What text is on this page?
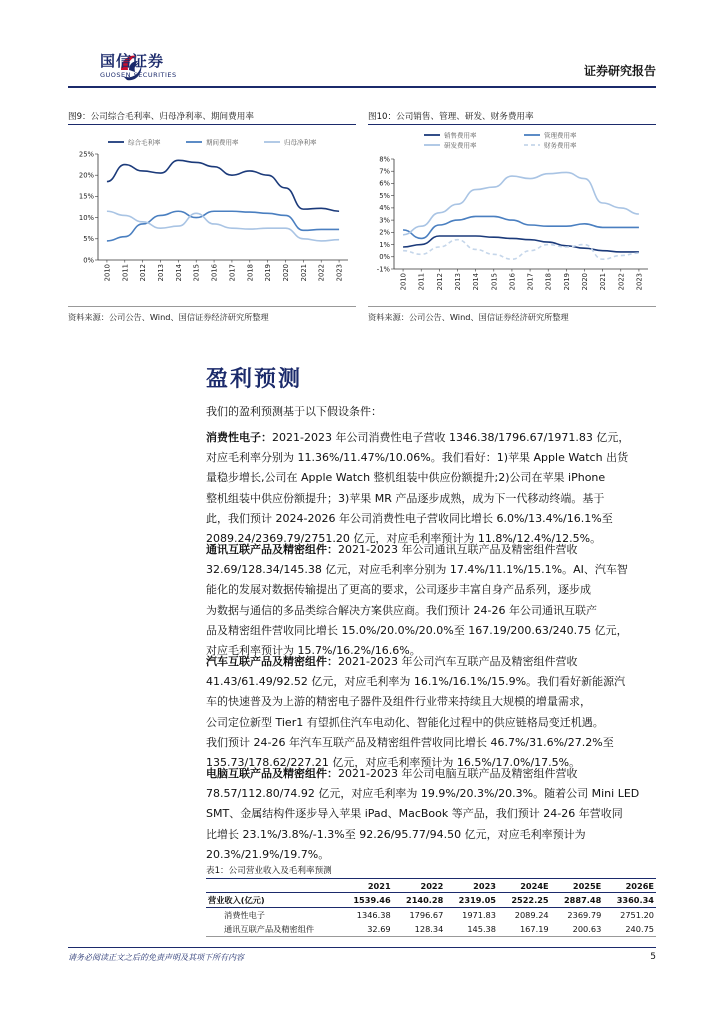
国信证券
GUOSEN SECURITIES	证券研究报告
图9：公司综合毛利率、归母净利率、期间费用率
0%
5%
10%
15%
20%
25%
2010 2011 2012 2013 2014 2015 2016 2017 2018 2019 2020 2021 2022 2023
综合毛利率	期间费用率	归母净利率
资料来源：公司公告、Wind、国信证券经济研究所整理
图10：公司销售、管理、研发、财务费用率
-1%
0%
1%
2%
3%
4%
5%
6%
7%
8%
2010 2011 2012 2013 2014 2015 2016 2017 2018 2019 2020 2021 2022 2023
销售费用率	管理费用率
研发费用率	财务费用率
资料来源：公司公告、Wind、国信证券经济研究所整理
盈利预测
我们的盈利预测基于以下假设条件：
消费性电子：2021-2023 年公司消费性电子营收 1346.38/1796.67/1971.83 亿元，
对应毛利率分别为 11.36%/11.47%/10.06%。我们看好：1)苹果 Apple Watch 出货
量稳步增长,公司在 Apple Watch 整机组装中供应份额提升;2)公司在苹果 iPhone
整机组装中供应份额提升；3)苹果 MR 产品逐步成熟，成为下一代移动终端。基于
此，我们预计 2024-2026 年公司消费性电子营收同比增长 6.0%/13.4%/16.1%至
2089.24/2369.79/2751.20 亿元，对应毛利率预计为 11.8%/12.4%/12.5%。
通讯互联产品及精密组件：2021-2023 年公司通讯互联产品及精密组件营收
32.69/128.34/145.38 亿元，对应毛利率分别为 17.4%/11.1%/15.1%。AI、汽车智
能化的发展对数据传输提出了更高的要求，公司逐步丰富自身产品系列，逐步成
为数据与通信的多品类综合解决方案供应商。我们预计 24-26 年公司通讯互联产
品及精密组件营收同比增长 15.0%/20.0%/20.0%至 167.19/200.63/240.75 亿元，
对应毛利率预计为 15.7%/16.2%/16.6%。
汽车互联产品及精密组件：2021-2023 年公司汽车互联产品及精密组件营收
41.43/61.49/92.52 亿元，对应毛利率为 16.1%/16.1%/15.9%。我们看好新能源汽
车的快速普及为上游的精密电子器件及组件行业带来持续且大规模的增量需求，
公司定位新型 Tier1 有望抓住汽车电动化、智能化过程中的供应链格局变迁机遇。
我们预计 24-26 年汽车互联产品及精密组件营收同比增长 46.7%/31.6%/27.2%至
135.73/178.62/227.21 亿元，对应毛利率预计为 16.5%/17.0%/17.5%。
电脑互联产品及精密组件：2021-2023 年公司电脑互联产品及精密组件营收
78.57/112.80/74.92 亿元，对应毛利率为 19.9%/20.3%/20.3%。随着公司 Mini LED
SMT、金属结构件逐步导入苹果 iPad、MacBook 等产品，我们预计 24-26 年营收同
比增长 23.1%/3.8%/-1.3%至 92.26/95.77/94.50 亿元，对应毛利率预计为
20.3%/21.9%/19.7%。
表1：公司营业收入及毛利率预测
	2021	2022	2023	2024E	2025E	2026E
营业收入(亿元)	1539.46	2140.28	2319.05	2522.25	2887.48	3360.34
消费性电子	1346.38	1796.67	1971.83	2089.24	2369.79	2751.20
通讯互联产品及精密组件	32.69	128.34	145.38	167.19	200.63	240.75
请务必阅读正文之后的免责声明及其项下所有内容	5
